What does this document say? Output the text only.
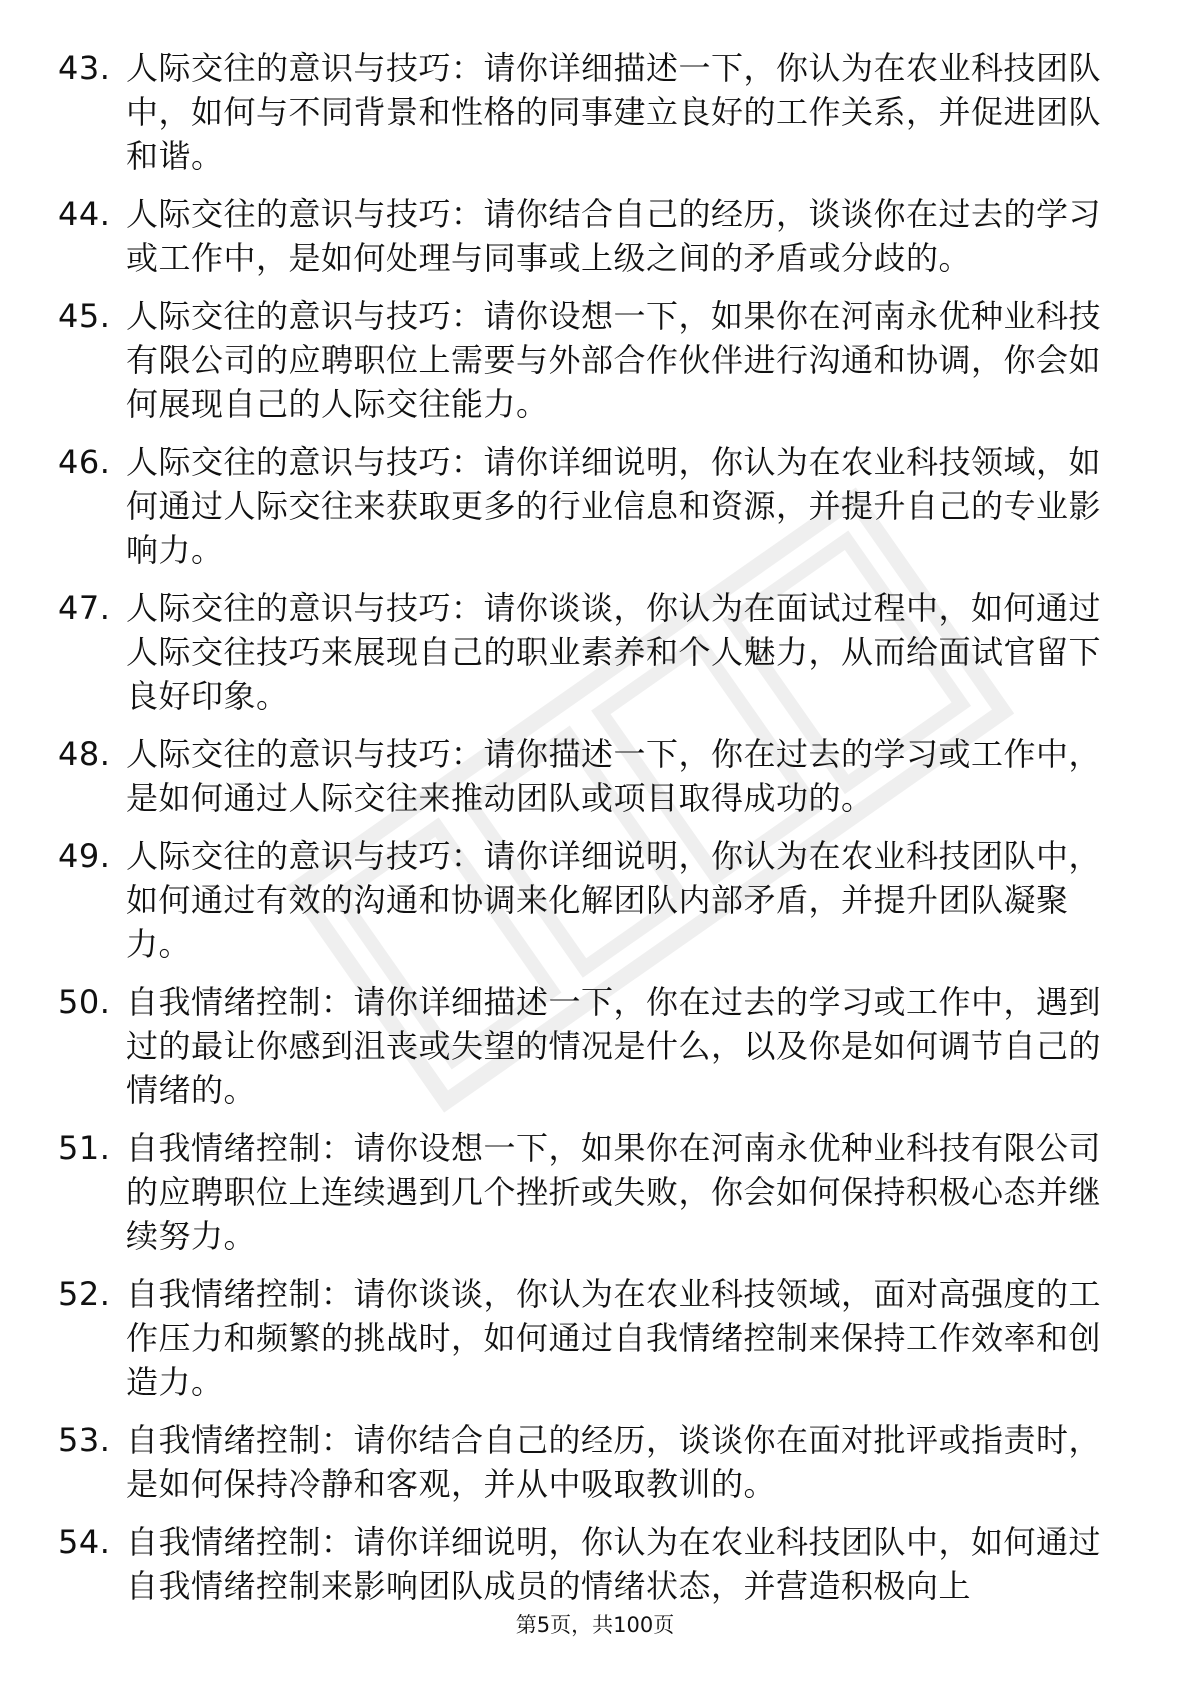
43. 人际交往的意识与技巧：请你详细描述一下，你认为在农业科技团队中，如何与不同背景和性格的同事建立良好的工作关系，并促进团队和谐。
44. 人际交往的意识与技巧：请你结合自己的经历，谈谈你在过去的学习或工作中，是如何处理与同事或上级之间的矛盾或分歧的。
45. 人际交往的意识与技巧：请你设想一下，如果你在河南永优种业科技有限公司的应聘职位上需要与外部合作伙伴进行沟通和协调，你会如何展现自己的人际交往能力。
46. 人际交往的意识与技巧：请你详细说明，你认为在农业科技领域，如何通过人际交往来获取更多的行业信息和资源，并提升自己的专业影响力。
47. 人际交往的意识与技巧：请你谈谈，你认为在面试过程中，如何通过人际交往技巧来展现自己的职业素养和个人魅力，从而给面试官留下良好印象。
48. 人际交往的意识与技巧：请你描述一下，你在过去的学习或工作中，是如何通过人际交往来推动团队或项目取得成功的。
49. 人际交往的意识与技巧：请你详细说明，你认为在农业科技团队中，如何通过有效的沟通和协调来化解团队内部矛盾，并提升团队凝聚力。
50. 自我情绪控制：请你详细描述一下，你在过去的学习或工作中，遇到过的最让你感到沮丧或失望的情况是什么，以及你是如何调节自己的情绪的。
51. 自我情绪控制：请你设想一下，如果你在河南永优种业科技有限公司的应聘职位上连续遇到几个挫折或失败，你会如何保持积极心态并继续努力。
52. 自我情绪控制：请你谈谈，你认为在农业科技领域，面对高强度的工作压力和频繁的挑战时，如何通过自我情绪控制来保持工作效率和创造力。
53. 自我情绪控制：请你结合自己的经历，谈谈你在面对批评或指责时，是如何保持冷静和客观，并从中吸取教训的。
54. 自我情绪控制：请你详细说明，你认为在农业科技团队中，如何通过自我情绪控制来影响团队成员的情绪状态，并营造积极向上
第5页，共100页
